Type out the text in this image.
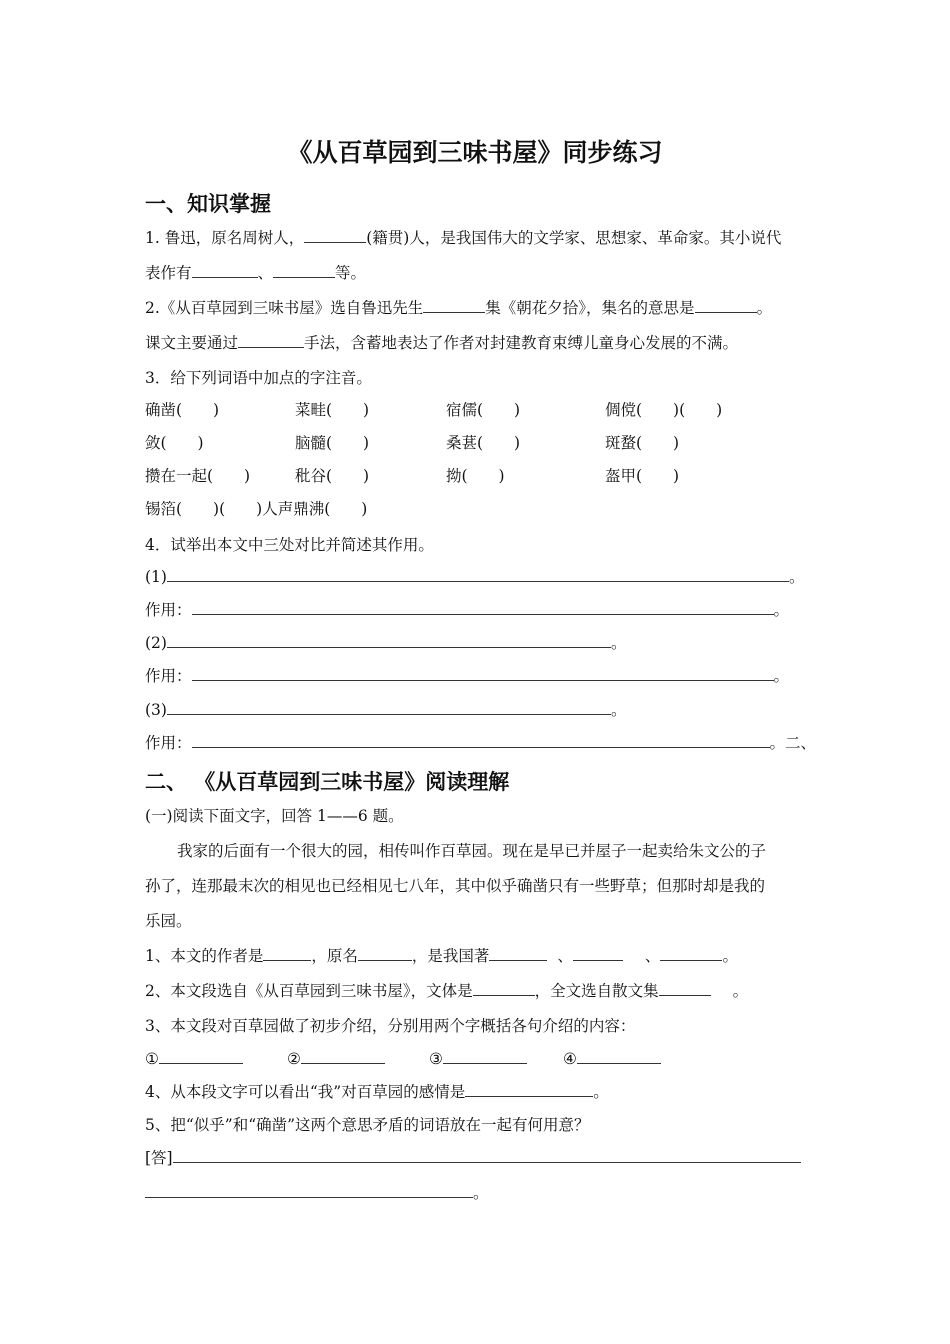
《从百草园到三味书屋》同步练习
一、知识掌握
1. 鲁迅，原名周树人，	(籍贯)人，是我国伟大的文学家、思想家、革命家。其小说代
表作有	、	等。
2.《从百草园到三味书屋》选自鲁迅先生	集《朝花夕拾》，集名的意思是	。
课文主要通过	手法，含蓄地表达了作者对封建教育束缚儿童身心发展的不满。
3．给下列词语中加点的字注音。
确凿(　　)	菜畦(　　)	宿儒(　　)	倜傥(　　)(　　)
敛(　　)	脑髓(　　)	桑葚(　　)	斑蝥(　　)
攒在一起(　　)	秕谷(　　)	拗(　　)	盔甲(　　)
锡箔(　　)(　　)人声鼎沸(　　)
4．试举出本文中三处对比并简述其作用。
(1)	。
作用：	。
(2)	。
作用：	。
(3)	。
作用：	。二、
二、 《从百草园到三味书屋》阅读理解
(一)阅读下面文字，回答 1——6 题。
我家的后面有一个很大的园，相传叫作百草园。现在是早已并屋子一起卖给朱文公的子
孙了，连那最末次的相见也已经相见七八年，其中似乎确凿只有一些野草；但那时却是我的
乐园。
1、本文的作者是	，原名	，是我国著	、	、	。
2、本文段选自《从百草园到三味书屋》，文体是	，全文选自散文集	。
3、本文段对百草园做了初步介绍，分别用两个字概括各句介绍的内容：
①	②	③	④
4、从本段文字可以看出“我”对百草园的感情是	。
5、把“似乎”和“确凿”这两个意思矛盾的词语放在一起有何用意？
[答]
。
